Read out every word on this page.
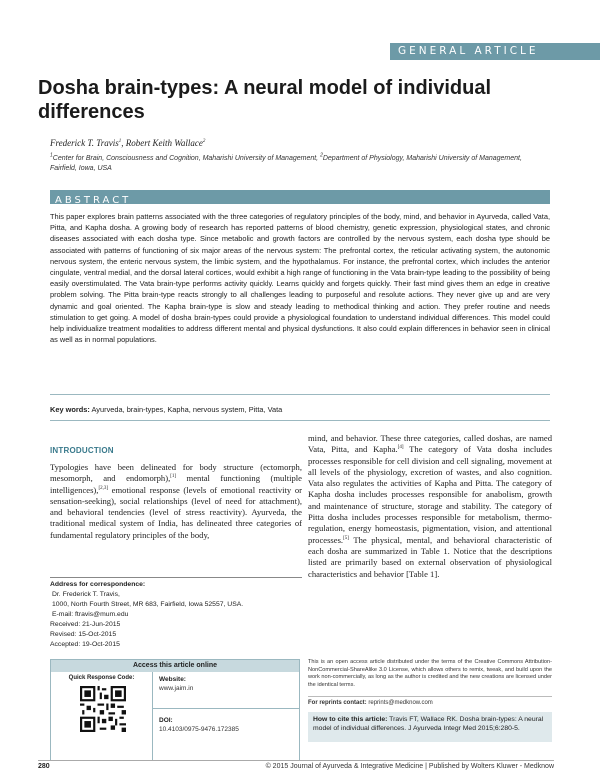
GENERAL ARTICLE
Dosha brain-types: A neural model of individual differences
Frederick T. Travis$^1$, Robert Keith Wallace$^2$
$^1$Center for Brain, Consciousness and Cognition, Maharishi University of Management, $^2$Department of Physiology, Maharishi University of Management, Fairfield, Iowa, USA
ABSTRACT

This paper explores brain patterns associated with the three categories of regulatory principles of the body, mind, and behavior in Ayurveda, called Vata, Pitta, and Kapha dosha. A growing body of research has reported patterns of blood chemistry, genetic expression, physiological states, and chronic diseases associated with each dosha type. Since metabolic and growth factors are controlled by the nervous system, each dosha type should be associated with patterns of functioning of six major areas of the nervous system: The prefrontal cortex, the reticular activating system, the autonomic nervous system, the enteric nervous system, the limbic system, and the hypothalamus. For instance, the prefrontal cortex, which includes the anterior cingulate, ventral medial, and the dorsal lateral cortices, would exhibit a high range of functioning in the Vata brain-type leading to the possibility of being easily overstimulated. The Vata brain-type performs activity quickly. Learns quickly and forgets quickly. Their fast mind gives them an edge in creative problem solving. The Pitta brain-type reacts strongly to all challenges leading to purposeful and resolute actions. They never give up and are very dynamic and goal oriented. The Kapha brain-type is slow and steady leading to methodical thinking and action. They prefer routine and needs stimulation to get going. A model of dosha brain-types could provide a physiological foundation to understand individual differences. This model could help individualize treatment modalities to address different mental and physical dysfunctions. It also could explain differences in behavior seen in clinical as well as in normal populations.

Key words: Ayurveda, brain-types, Kapha, nervous system, Pitta, Vata
INTRODUCTION

Typologies have been delineated for body structure (ectomorph, mesomorph, and endomorph),[1] mental functioning (multiple intelligences),[2,3] emotional response (levels of emotional reactivity or sensation-seeking), social relationships (level of need for attachment), and behavioral tendencies (level of stress reactivity). Ayurveda, the traditional medical system of India, has delineated three categories of fundamental regulatory principles of the body,

mind, and behavior. These three categories, called doshas, are named Vata, Pitta, and Kapha.[4] The category of Vata dosha includes processes responsible for cell division and cell signaling, movement at all levels of the physiology, excretion of wastes, and also cognition. Vata also regulates the activities of Kapha and Pitta. The category of Kapha dosha includes processes responsible for anabolism, growth and maintenance of structure, storage and stability. The category of Pitta dosha includes processes responsible for metabolism, thermo-regulation, energy homeostasis, pigmentation, vision, and attentional processes.[5] The physical, mental, and behavioral characteristic of each dosha are summarized in Table 1. Notice that the descriptions listed are primarily based on external observation of physiological characteristics and behavior [Table 1].

Address for correspondence:
Dr. Frederick T. Travis,
1000, North Fourth Street, MR 683, Fairfield, Iowa 52557, USA.
E-mail: ftravis@mum.edu
Received: 21-Jun-2015
Revised: 15-Oct-2015
Accepted: 19-Oct-2015
Access this article online
Quick Response Code:	Website:
www.jaim.in
DOI:
10.4103/0975-9476.172385

This is an open access article distributed under the terms of the Creative Commons Attribution-NonCommercial-ShareAlike 3.0 License, which allows others to remix, tweak, and build upon the work non-commercially, as long as the author is credited and the new creations are licensed under the identical terms.

For reprints contact: reprints@medknow.com
How to cite this article: Travis FT, Wallace RK. Dosha brain-types: A neural model of individual differences. J Ayurveda Integr Med 2015;6:280-5.
280	© 2015 Journal of Ayurveda & Integrative Medicine | Published by Wolters Kluwer - Medknow
